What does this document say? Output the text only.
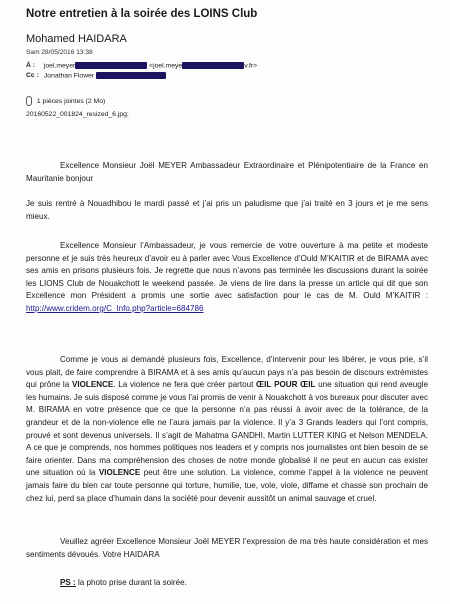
Notre entretien à la soirée des LOINS Club
Mohamed HAIDARA
Sam 28/05/2016 13:38
À : joel.meyer	<joel.meye	v.fr>
Cc : Jonathan Flower
1 pièces jointes (2 Mo)
20160522_001824_resized_6.jpg;

Excellence Monsieur Joël MEYER Ambassadeur Extraordinaire et Plénipotentiaire de la France en Mauritanie bonjour

Je suis rentré à Nouadhibou le mardi passé et j’ai pris un paludisme que j’ai traité en 3 jours et je me sens mieux.

Excellence Monsieur l’Ambassadeur, je vous remercie de votre ouverture à ma petite et modeste personne et je suis très heureux d’avoir eu à parler avec Vous Excellence d’Ould M’KAITIR et de BIRAMA avec ses amis en prisons plusieurs fois. Je regrette que nous n’avons pas terminée les discussions durant la soirée les LIONS Club de Nouakchott le weekend passée. Je viens de lire dans la presse un article qui dit que son Excellence mon Président a promis une sortie avec satisfaction pour le cas de M. Ould M’KAITIR : http://www.cridem.org/C_Info.php?article=684786

Comme je vous ai demandé plusieurs fois, Excellence, d’intervenir pour les libérer, je vous prie, s’il vous plait, de faire comprendre à BIRAMA et à ses amis qu’aucun pays n’a pas besoin de discours extrémistes qui prône la VIOLENCE. La violence ne fera que créer partout ŒIL POUR ŒIL une situation qui rend aveugle les humains. Je suis disposé comme je vous l’ai promis de venir à Nouakchott à vos bureaux pour discuter avec M. BIRAMA en votre présence que ce que la personne n’a pas réussi à avoir avec de la tolérance, de la grandeur et de la non-violence elle ne l’aura jamais par la violence. Il y’a 3 Grands leaders qui l’ont compris, prouvé et sont devenus universels. Il s’agit de Mahatma GANDHI, Martin LUTTER KING et Nelson MENDELA. A ce que je comprends, nos hommes politiques nos leaders et y compris nos journalistes ont bien besoin de se faire orienter. Dans ma compréhension des choses de notre monde globalisé il ne peut en aucun cas exister une situation où la VIOLENCE peut être une solution. La violence, comme l’appel à la violence ne peuvent jamais faire du bien car toute personne qui torture, humilie, tue, vole, viole, diffame et chasse son prochain de chez lui, perd sa place d’humain dans la société pour devenir aussitôt un animal sauvage et cruel.

Veuillez agréer Excellence Monsieur Joël MEYER l’expression de ma très haute considération et mes sentiments dévoués. Votre HAIDARA

PS : la photo prise durant la soirée.
